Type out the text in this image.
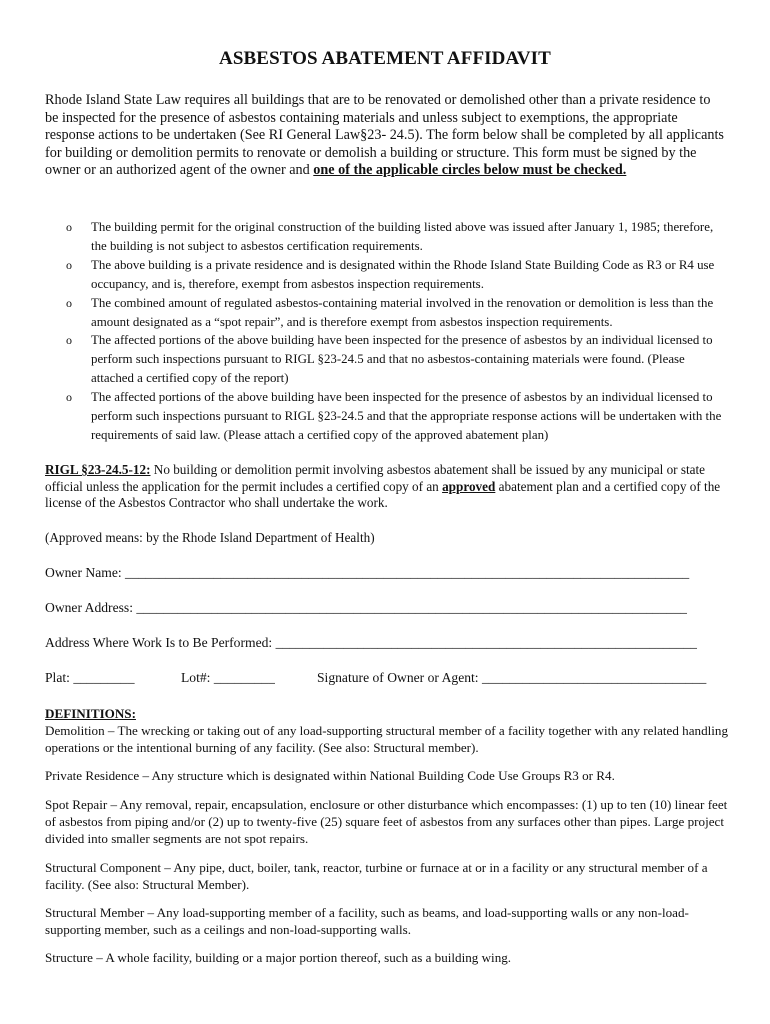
ASBESTOS ABATEMENT AFFIDAVIT
Rhode Island State Law requires all buildings that are to be renovated or demolished other than a private residence to be inspected for the presence of asbestos containing materials and unless subject to exemptions, the appropriate response actions to be undertaken (See RI General Law§23- 24.5). The form below shall be completed by all applicants for building or demolition permits to renovate or demolish a building or structure. This form must be signed by the owner or an authorized agent of the owner and one of the applicable circles below must be checked.
o The building permit for the original construction of the building listed above was issued after January 1, 1985; therefore, the building is not subject to asbestos certification requirements.
o The above building is a private residence and is designated within the Rhode Island State Building Code as R3 or R4 use occupancy, and is, therefore, exempt from asbestos inspection requirements.
o The combined amount of regulated asbestos-containing material involved in the renovation or demolition is less than the amount designated as a “spot repair”, and is therefore exempt from asbestos inspection requirements.
o The affected portions of the above building have been inspected for the presence of asbestos by an individual licensed to perform such inspections pursuant to RIGL §23-24.5 and that no asbestos-containing materials were found. (Please attached a certified copy of the report)
o The affected portions of the above building have been inspected for the presence of asbestos by an individual licensed to perform such inspections pursuant to RIGL §23-24.5 and that the appropriate response actions will be undertaken with the requirements of said law. (Please attach a certified copy of the approved abatement plan)
RIGL §23-24.5-12: No building or demolition permit involving asbestos abatement shall be issued by any municipal or state official unless the application for the permit includes a certified copy of an approved abatement plan and a certified copy of the license of the Asbestos Contractor who shall undertake the work.
(Approved means: by the Rhode Island Department of Health)
Owner Name: ___________________________________________________________________________________
Owner Address: _________________________________________________________________________________
Address Where Work Is to Be Performed: ______________________________________________________________
Plat: _________	Lot#: _________	Signature of Owner or Agent: _________________________________
DEFINITIONS:
Demolition – The wrecking or taking out of any load-supporting structural member of a facility together with any related handling operations or the intentional burning of any facility. (See also: Structural member).
Private Residence – Any structure which is designated within National Building Code Use Groups R3 or R4.
Spot Repair – Any removal, repair, encapsulation, enclosure or other disturbance which encompasses: (1) up to ten (10) linear feet of asbestos from piping and/or (2) up to twenty-five (25) square feet of asbestos from any surfaces other than pipes. Large project divided into smaller segments are not spot repairs.
Structural Component – Any pipe, duct, boiler, tank, reactor, turbine or furnace at or in a facility or any structural member of a facility. (See also: Structural Member).
Structural Member – Any load-supporting member of a facility, such as beams, and load-supporting walls or any non-load-supporting member, such as a ceilings and non-load-supporting walls.
Structure – A whole facility, building or a major portion thereof, such as a building wing.
